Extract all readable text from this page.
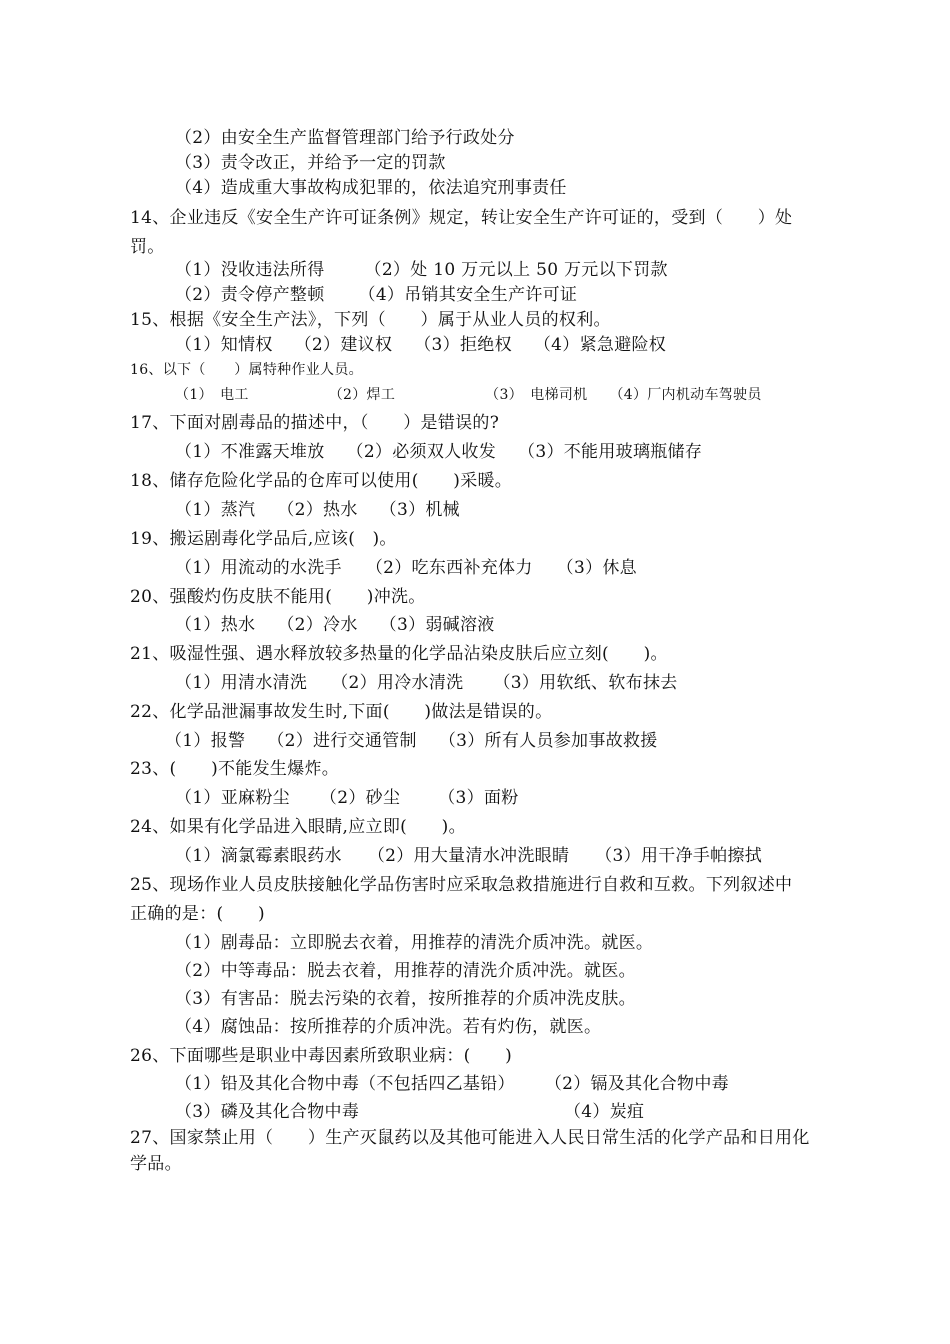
（2）由安全生产监督管理部门给予行政处分
（3）责令改正，并给予一定的罚款
（4）造成重大事故构成犯罪的，依法追究刑事责任
14、企业违反《安全生产许可证条例》规定，转让安全生产许可证的，受到（　　）处
罚。
（1）没收违法所得 （2）处 10 万元以上 50 万元以下罚款
（2）责令停产整顿 （4）吊销其安全生产许可证
15、根据《安全生产法》，下列（　　）属于从业人员的权利。
（1）知情权 （2）建议权 （3）拒绝权 （4）紧急避险权
16、以下（　　）属特种作业人员。
（1）　电工	（2）焊工	（3）　电梯司机 （4）厂内机动车驾驶员
17、下面对剧毒品的描述中，（　　）是错误的?
（1）不准露天堆放 （2）必须双人收发 （3）不能用玻璃瓶储存
18、储存危险化学品的仓库可以使用(　　)采暖。
（1）蒸汽 （2）热水 （3）机械
19、搬运剧毒化学品后,应该(　)。
（1）用流动的水洗手 （2）吃东西补充体力 （3）休息
20、强酸灼伤皮肤不能用(　　)冲洗。
（1）热水 （2）冷水 （3）弱碱溶液
21、吸湿性强、遇水释放较多热量的化学品沾染皮肤后应立刻(　　)。
（1）用清水清洗 （2）用冷水清洗 （3）用软纸、软布抹去
22、化学品泄漏事故发生时,下面(　　)做法是错误的。
（1）报警 （2）进行交通管制 （3）所有人员参加事故救援
23、(　　)不能发生爆炸。
（1）亚麻粉尘 （2）砂尘 （3）面粉
24、如果有化学品进入眼睛,应立即(　　)。
（1）滴氯霉素眼药水 （2）用大量清水冲洗眼睛 （3）用干净手帕擦拭
25、现场作业人员皮肤接触化学品伤害时应采取急救措施进行自救和互救。下列叙述中
正确的是：(　　)
（1）剧毒品：立即脱去衣着，用推荐的清洗介质冲洗。就医。
（2）中等毒品：脱去衣着，用推荐的清洗介质冲洗。就医。
（3）有害品：脱去污染的衣着，按所推荐的介质冲洗皮肤。
（4）腐蚀品：按所推荐的介质冲洗。若有灼伤，就医。
26、下面哪些是职业中毒因素所致职业病：(　　)
（1）铅及其化合物中毒（不包括四乙基铅） （2）镉及其化合物中毒
（3）磷及其化合物中毒	（4）炭疽
27、国家禁止用（　　）生产灭鼠药以及其他可能进入人民日常生活的化学产品和日用化
学品。
